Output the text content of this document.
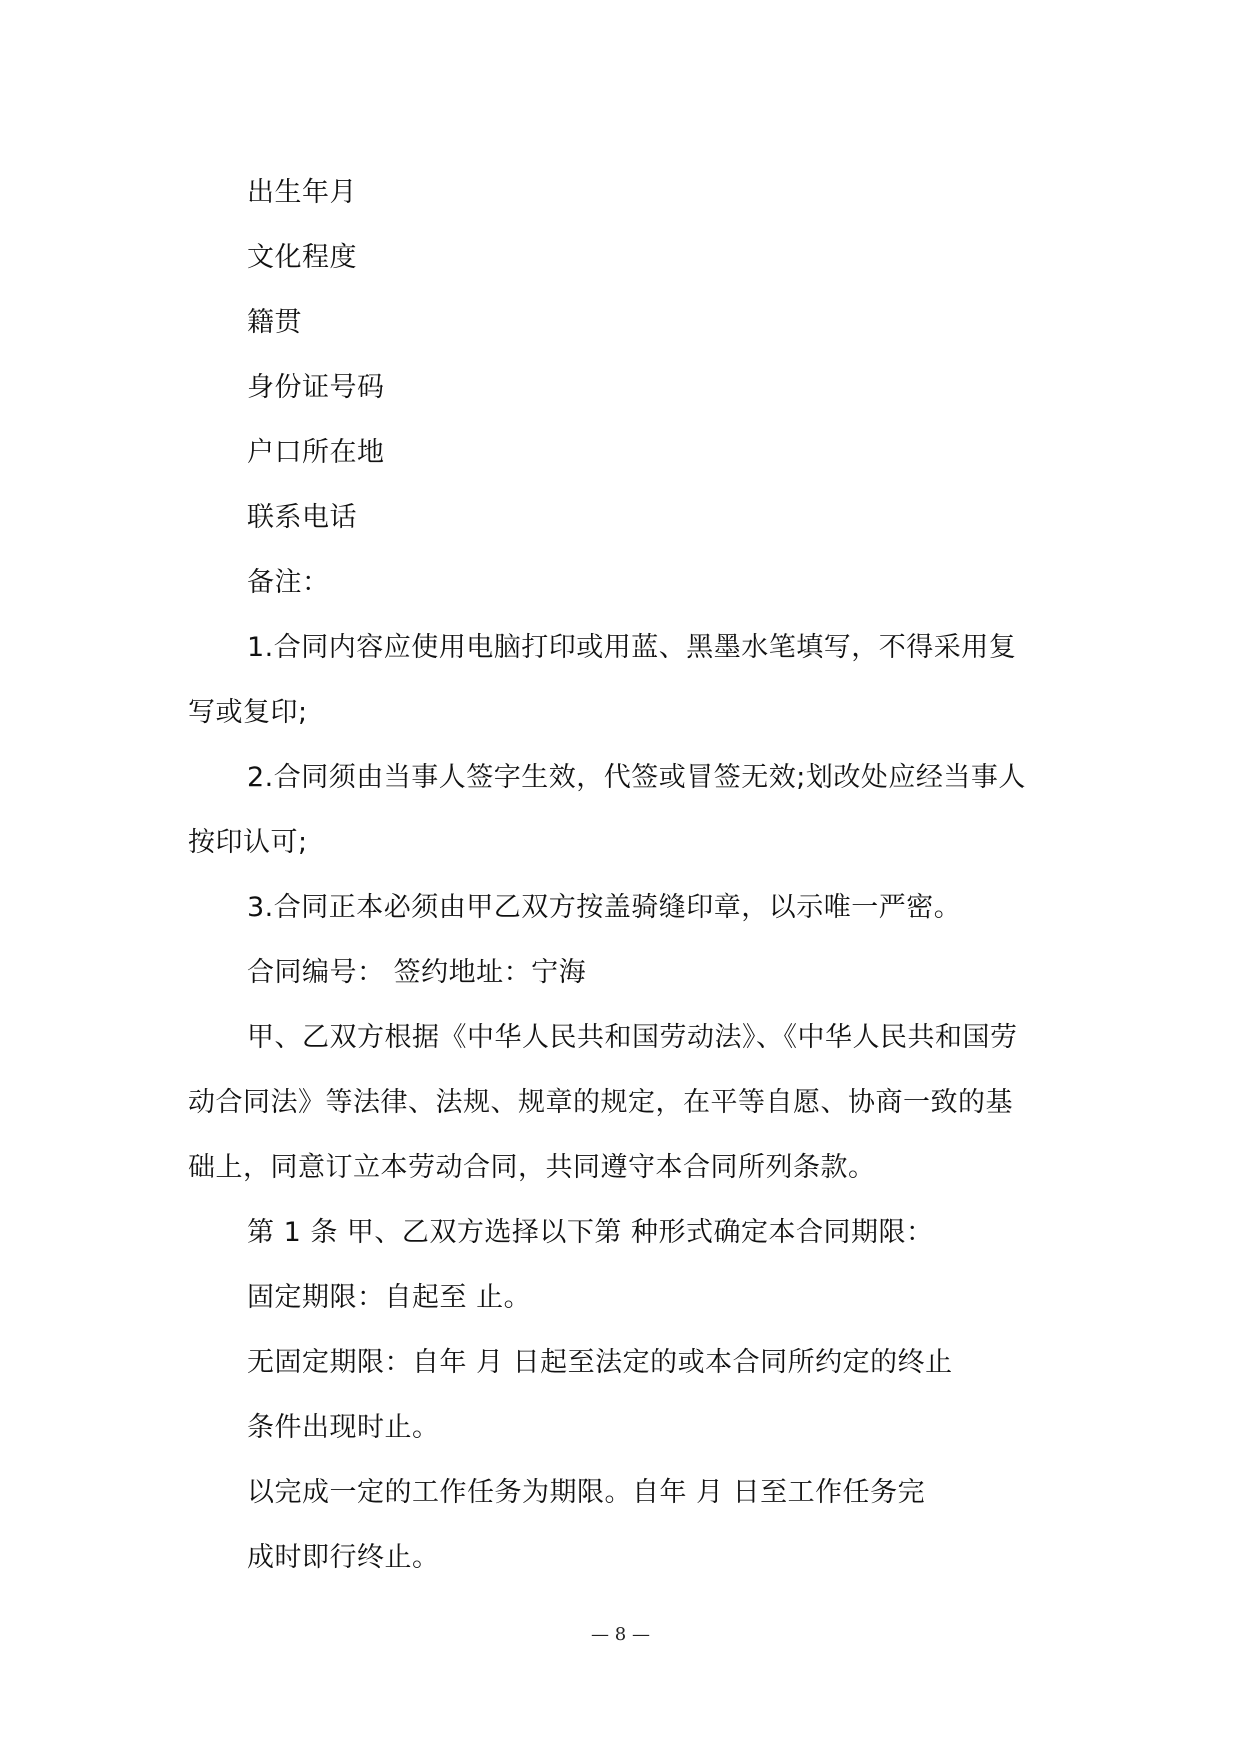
出生年月
文化程度
籍贯
身份证号码
户口所在地
联系电话
备注：
1.合同内容应使用电脑打印或用蓝、黑墨水笔填写，不得采用复
写或复印;
2.合同须由当事人签字生效，代签或冒签无效;划改处应经当事人
按印认可;
3.合同正本必须由甲乙双方按盖骑缝印章，以示唯一严密。
合同编号： 签约地址：宁海
甲、乙双方根据《中华人民共和国劳动法》、《中华人民共和国劳
动合同法》等法律、法规、规章的规定，在平等自愿、协商一致的基
础上，同意订立本劳动合同，共同遵守本合同所列条款。
第 1 条 甲、乙双方选择以下第 种形式确定本合同期限：
固定期限：自起至 止。
无固定期限：自年 月 日起至法定的或本合同所约定的终止
条件出现时止。
以完成一定的工作任务为期限。自年 月 日至工作任务完
成时即行终止。
— 8 —
